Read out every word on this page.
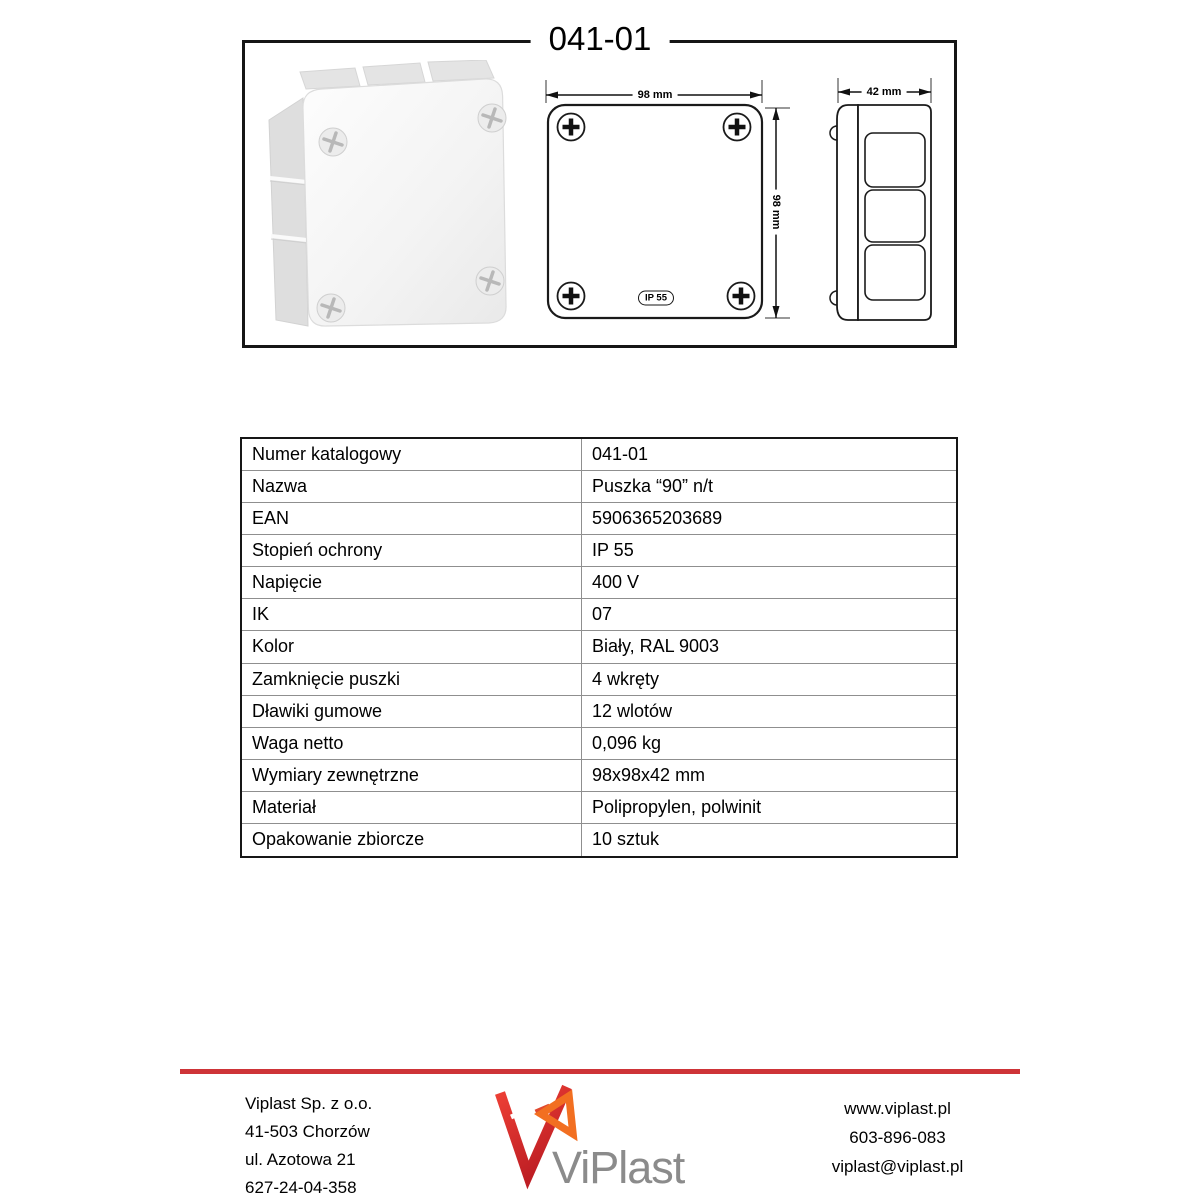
041-01
98 mm
98 mm
IP 55
42 mm
Numer katalogowy	041-01
Nazwa	Puszka “90” n/t
EAN	5906365203689
Stopień ochrony	IP 55
Napięcie	400 V
IK	07
Kolor	Biały, RAL 9003
Zamknięcie puszki	4 wkręty
Dławiki gumowe	12 wlotów
Waga netto	0,096 kg
Wymiary zewnętrzne	98x98x42 mm
Materiał	Polipropylen, polwinit
Opakowanie zbiorcze	10 sztuk
Viplast Sp. z o.o.
41-503 Chorzów
ul. Azotowa 21
627-24-04-358	ViPlast
www.viplast.pl
603-896-083
viplast@viplast.pl
